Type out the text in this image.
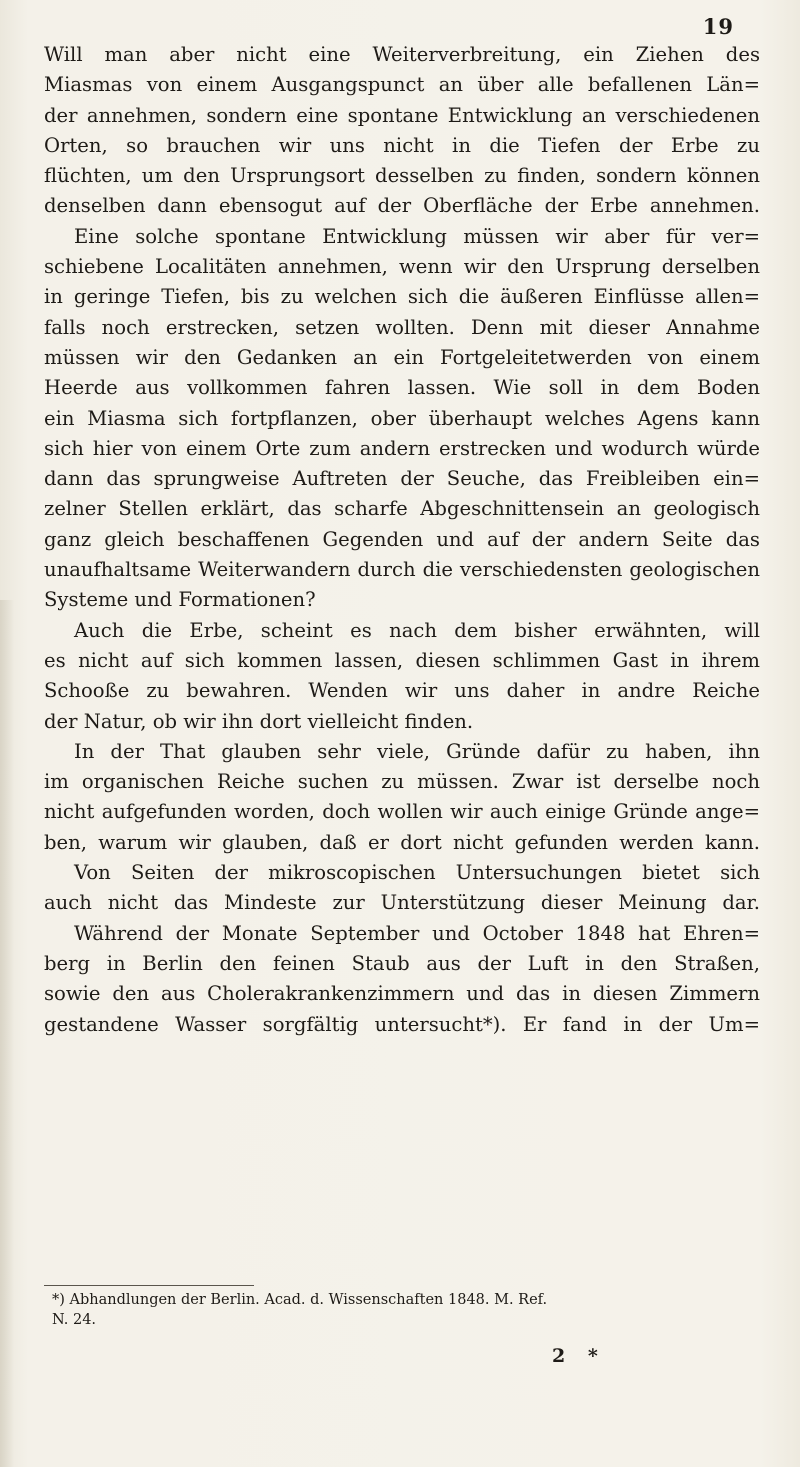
19
Will man aber nicht eine Weiterverbreitung, ein Ziehen des
Miasmas von einem Ausgangspunct an über alle befallenen Län=
der annehmen, sondern eine spontane Entwicklung an verschiedenen
Orten, so brauchen wir uns nicht in die Tiefen der Erbe zu
flüchten, um den Ursprungsort desselben zu finden, sondern können
denselben dann ebensogut auf der Oberfläche der Erbe annehmen.
Eine solche spontane Entwicklung müssen wir aber für ver=
schiebene Localitäten annehmen, wenn wir den Ursprung derselben
in geringe Tiefen, bis zu welchen sich die äußeren Einflüsse allen=
falls noch erstrecken, setzen wollten. Denn mit dieser Annahme
müssen wir den Gedanken an ein Fortgeleitetwerden von einem
Heerde aus vollkommen fahren lassen. Wie soll in dem Boden
ein Miasma sich fortpflanzen, ober überhaupt welches Agens kann
sich hier von einem Orte zum andern erstrecken und wodurch würde
dann das sprungweise Auftreten der Seuche, das Freibleiben ein=
zelner Stellen erklärt, das scharfe Abgeschnittensein an geologisch
ganz gleich beschaffenen Gegenden und auf der andern Seite das
unaufhaltsame Weiterwandern durch die verschiedensten geologischen
Systeme und Formationen?
Auch die Erbe, scheint es nach dem bisher erwähnten, will
es nicht auf sich kommen lassen, diesen schlimmen Gast in ihrem
Schooße zu bewahren. Wenden wir uns daher in andre Reiche
der Natur, ob wir ihn dort vielleicht finden.
In der That glauben sehr viele, Gründe dafür zu haben, ihn
im organischen Reiche suchen zu müssen. Zwar ist derselbe noch
nicht aufgefunden worden, doch wollen wir auch einige Gründe ange=
ben, warum wir glauben, daß er dort nicht gefunden werden kann.
Von Seiten der mikroscopischen Untersuchungen bietet sich
auch nicht das Mindeste zur Unterstützung dieser Meinung dar.
Während der Monate September und October 1848 hat Ehren=
berg in Berlin den feinen Staub aus der Luft in den Straßen,
sowie den aus Cholerakrankenzimmern und das in diesen Zimmern
gestandene Wasser sorgfältig untersucht*). Er fand in der Um=
*) Abhandlungen der Berlin. Acad. d. Wissenschaften 1848. M. Ref.
N. 24.
2 *
